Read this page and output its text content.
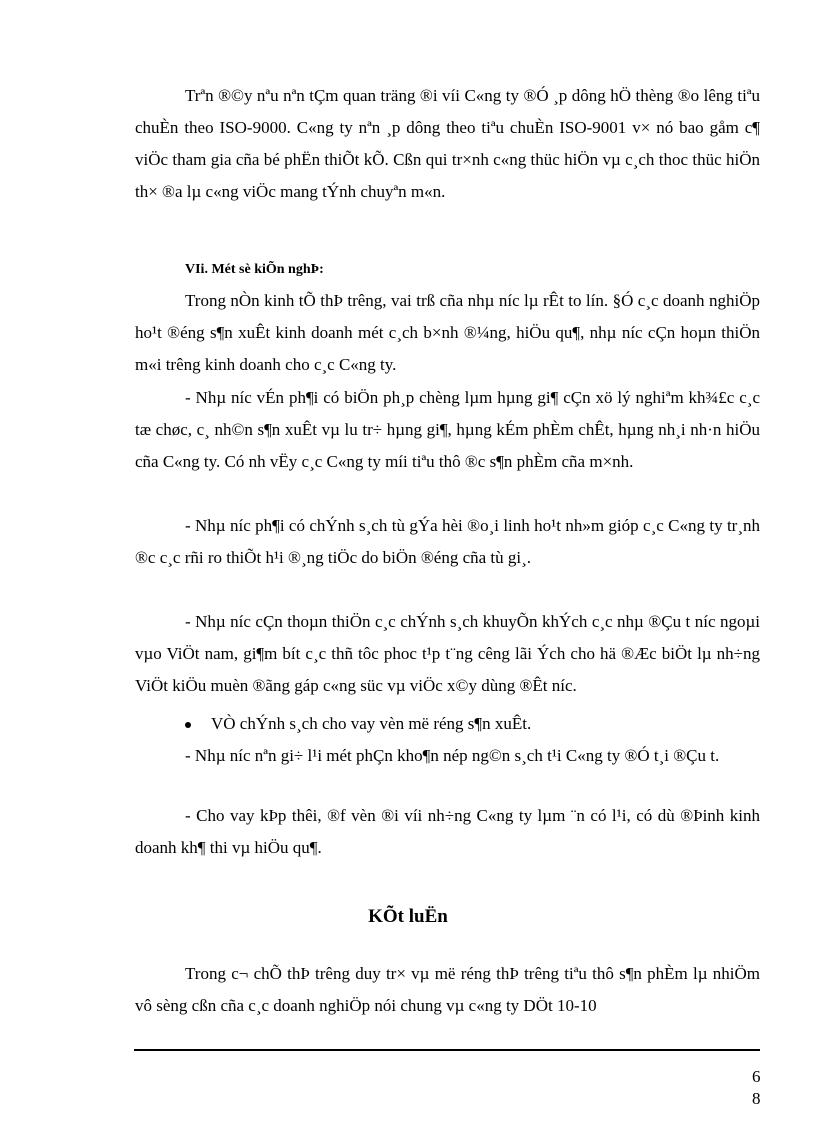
Trªn ®©y nªu nªn tÇm quan träng ®i víi C«ng ty ®Ó ¸p dông hÖ thèng ®o lêng tiªu chuÈn theo ISO-9000. C«ng ty nªn ¸p dông theo tiªu chuÈn ISO-9001 v× nó bao gåm c¶ viÖc tham gia cña bé phËn thiÕt kÕ. Cßn qui tr×nh c«ng thüc hiÖn vµ c¸ch thoc thüc hiÖn th× ®a lµ c«ng viÖc mang tÝnh chuyªn m«n.

VIi. Mét sè kiÕn nghÞ:

Trong nÒn kinh tÕ thÞ trêng, vai trß cña nhµ níc lµ rÊt to lín. §Ó c¸c doanh nghiÖp ho¹t ®éng s¶n xuÊt kinh doanh mét c¸ch b×nh ®¼ng, hiÖu qu¶, nhµ níc cÇn hoµn thiÖn m«i trêng kinh doanh cho c¸c C«ng ty.

- Nhµ níc vÉn ph¶i có biÖn ph¸p chèng lµm hµng gi¶ cÇn xö lý nghiªm kh¾£c c¸c tæ chøc, c¸ nh©n s¶n xuÊt vµ lu tr÷ hµng gi¶, hµng kÉm phÈm chÊt, hµng nh¸i nh·n hiÖu cña C«ng ty. Có nh vËy c¸c C«ng ty míi tiªu thô ®c s¶n phÈm cña m×nh.

- Nhµ níc ph¶i có chÝnh s¸ch tù gÝa hèi ®o¸i linh ho¹t nh»m gióp c¸c C«ng ty tr¸nh ®c c¸c rñi ro thiÕt h¹i ®¸ng tiÖc do biÖn ®éng cña tù gi¸.

- Nhµ níc cÇn thoµn thiÖn c¸c chÝnh s¸ch khuyÕn khÝch c¸c nhµ ®Çu t níc ngoµi vµo ViÖt nam, gi¶m bít c¸c thñ tôc phoc t¹p t¨ng cêng lãi Ých cho hä ®Æc biÖt lµ nh÷ng ViÖt kiÖu muèn ®ãng gáp c«ng süc vµ viÖc x©y dùng ®Êt níc.

VÒ chÝnh s¸ch cho vay vèn më réng s¶n xuÊt.

- Nhµ níc nªn gi÷ l¹i mét phÇn kho¶n nép ng©n s¸ch t¹i C«ng ty ®Ó t¸i ®Çu t.

- Cho vay kÞp thêi, ®f vèn ®i víi nh÷ng C«ng ty lµm ¨n có l¹i, có dù ®Þinh kinh doanh kh¶ thi vµ hiÖu qu¶.

KÕt luËn

Trong c¬ chÕ thÞ trêng duy tr× vµ më réng thÞ trêng tiªu thô s¶n phÈm lµ nhiÖm vô sèng cßn cña c¸c doanh nghiÖp nói chung vµ c«ng ty DÖt 10-10

6
8
